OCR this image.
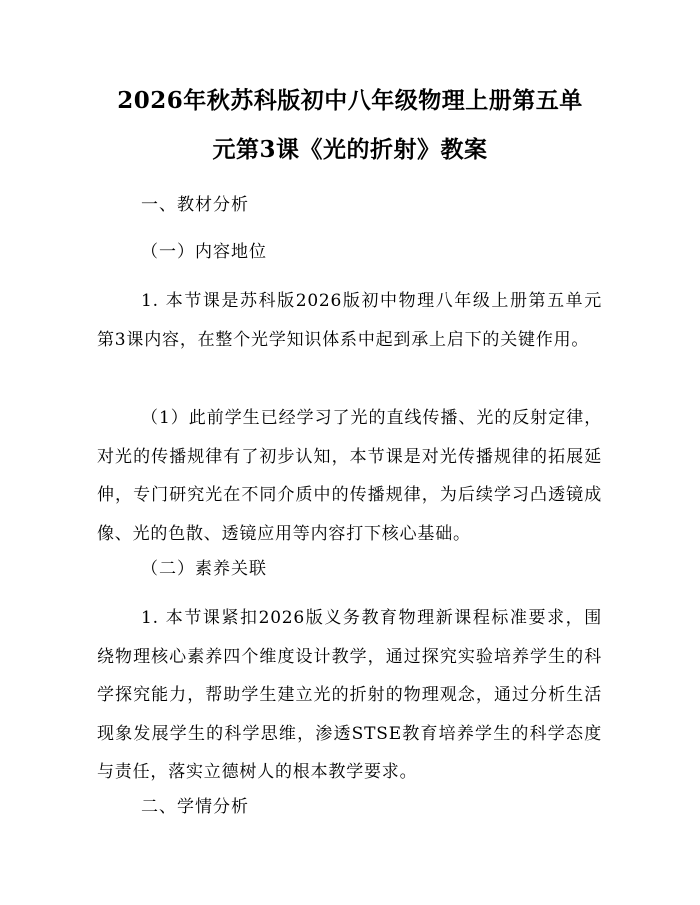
2026年秋苏科版初中八年级物理上册第五单
元第3课《光的折射》教案
一、教材分析
（一）内容地位
1. 本节课是苏科版2026版初中物理八年级上册第五单元第3课内容，在整个光学知识体系中起到承上启下的关键作用。
（1）此前学生已经学习了光的直线传播、光的反射定律，对光的传播规律有了初步认知，本节课是对光传播规律的拓展延伸，专门研究光在不同介质中的传播规律，为后续学习凸透镜成像、光的色散、透镜应用等内容打下核心基础。
（二）素养关联
1. 本节课紧扣2026版义务教育物理新课程标准要求，围绕物理核心素养四个维度设计教学，通过探究实验培养学生的科学探究能力，帮助学生建立光的折射的物理观念，通过分析生活现象发展学生的科学思维，渗透STSE教育培养学生的科学态度与责任，落实立德树人的根本教学要求。
二、学情分析
